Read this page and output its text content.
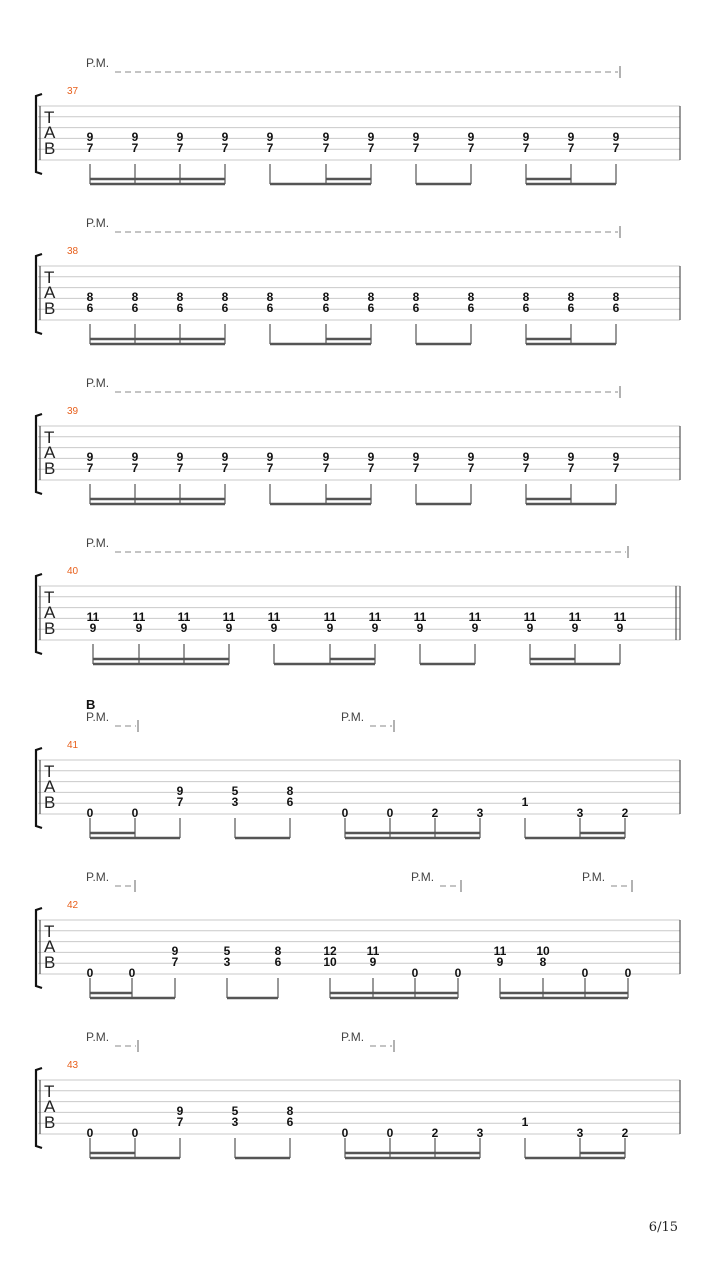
P.M.
37
T
A
B
9
7
9
7
9
7
9
7
9
7
9
7
9
7
9
7
9
7
9
7
9
7
9
7
P.M.
38
T
A
B
8
6
8
6
8
6
8
6
8
6
8
6
8
6
8
6
8
6
8
6
8
6
8
6
P.M.
39
T
A
B
9
7
9
7
9
7
9
7
9
7
9
7
9
7
9
7
9
7
9
7
9
7
9
7
P.M.
40
T
A
B
11
9
11
9
11
9
11
9
11
9
11
9
11
9
11
9
11
9
11
9
11
9
11
9
B
P.M.	P.M.
41
T
A
B
0	0
9
7
5
3
8
6
0	0	2	3
1
3	2
P.M.	P.M.	P.M.
42
T
A
B
0	0
9
7
5
3
8
6
12
10
11
9
0	0
11
9
10
8
0	0
P.M.	P.M.
43
T
A
B
0	0
9
7
5
3
8
6
0	0	2	3
1
3	2
6/15
